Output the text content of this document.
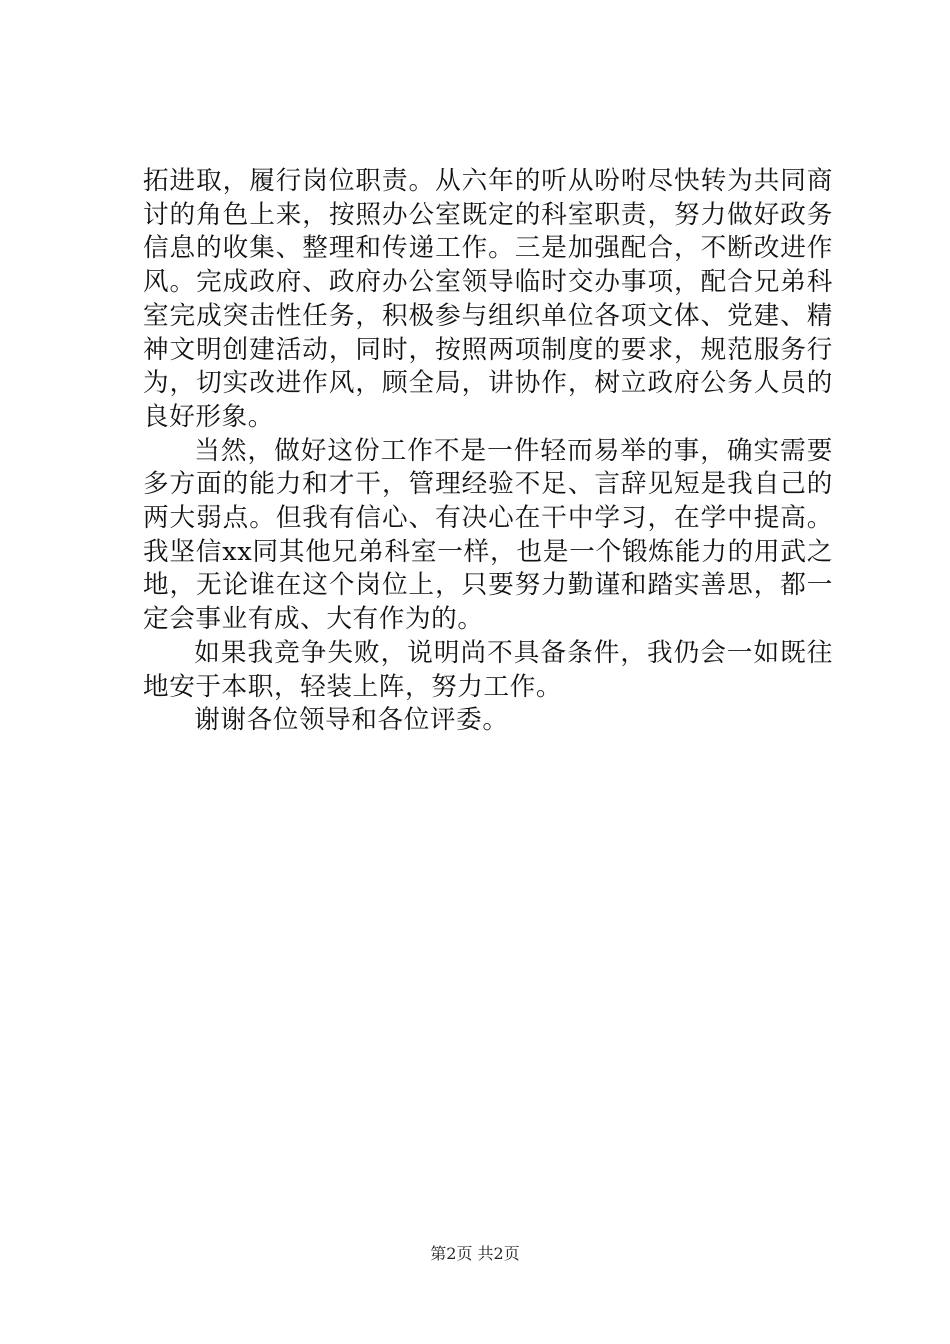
拓进取，履行岗位职责。从六年的听从吩咐尽快转为共同商讨的角色上来，按照办公室既定的科室职责，努力做好政务信息的收集、整理和传递工作。三是加强配合，不断改进作风。完成政府、政府办公室领导临时交办事项，配合兄弟科室完成突击性任务，积极参与组织单位各项文体、党建、精神文明创建活动，同时，按照两项制度的要求，规范服务行为，切实改进作风，顾全局，讲协作，树立政府公务人员的良好形象。

当然，做好这份工作不是一件轻而易举的事，确实需要多方面的能力和才干，管理经验不足、言辞见短是我自己的两大弱点。但我有信心、有决心在干中学习，在学中提高。我坚信xx同其他兄弟科室一样，也是一个锻炼能力的用武之地，无论谁在这个岗位上，只要努力勤谨和踏实善思，都一定会事业有成、大有作为的。

如果我竞争失败，说明尚不具备条件，我仍会一如既往地安于本职，轻装上阵，努力工作。

谢谢各位领导和各位评委。

第2页 共2页
